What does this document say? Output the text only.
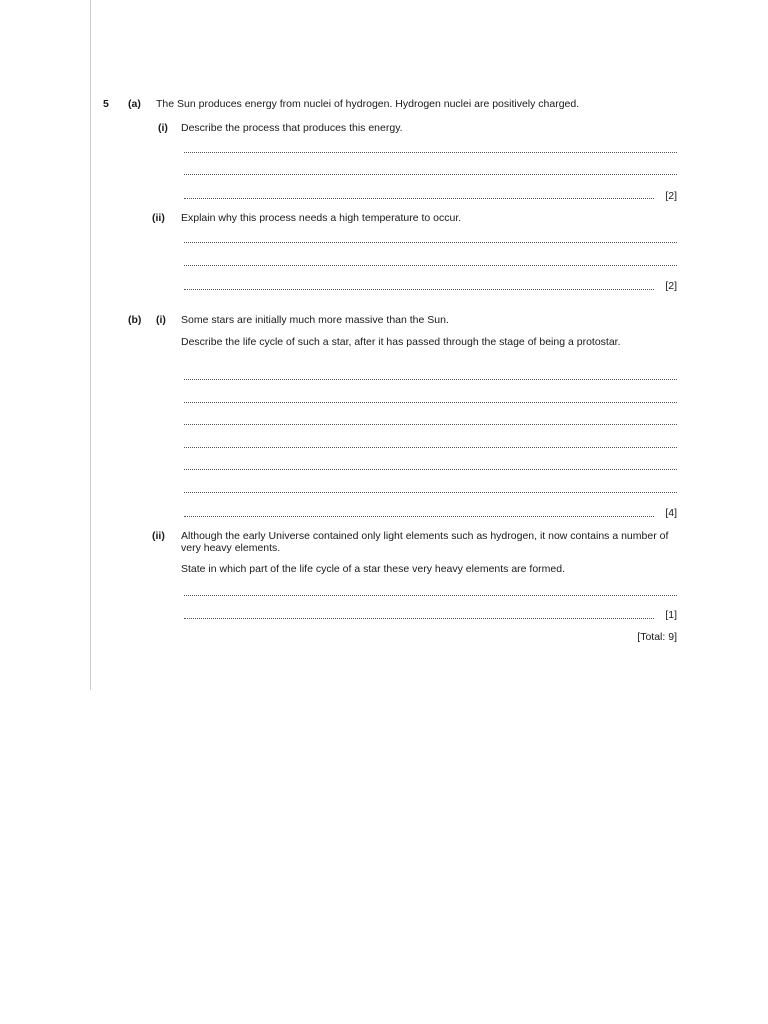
5 (a) The Sun produces energy from nuclei of hydrogen. Hydrogen nuclei are positively charged.
(i) Describe the process that produces this energy.
[2]
(ii) Explain why this process needs a high temperature to occur.
[2]
(b) (i) Some stars are initially much more massive than the Sun.
Describe the life cycle of such a star, after it has passed through the stage of being a protostar.
[4]
(ii) Although the early Universe contained only light elements such as hydrogen, it now contains a number of very heavy elements.
State in which part of the life cycle of a star these very heavy elements are formed.
[1]
[Total: 9]
